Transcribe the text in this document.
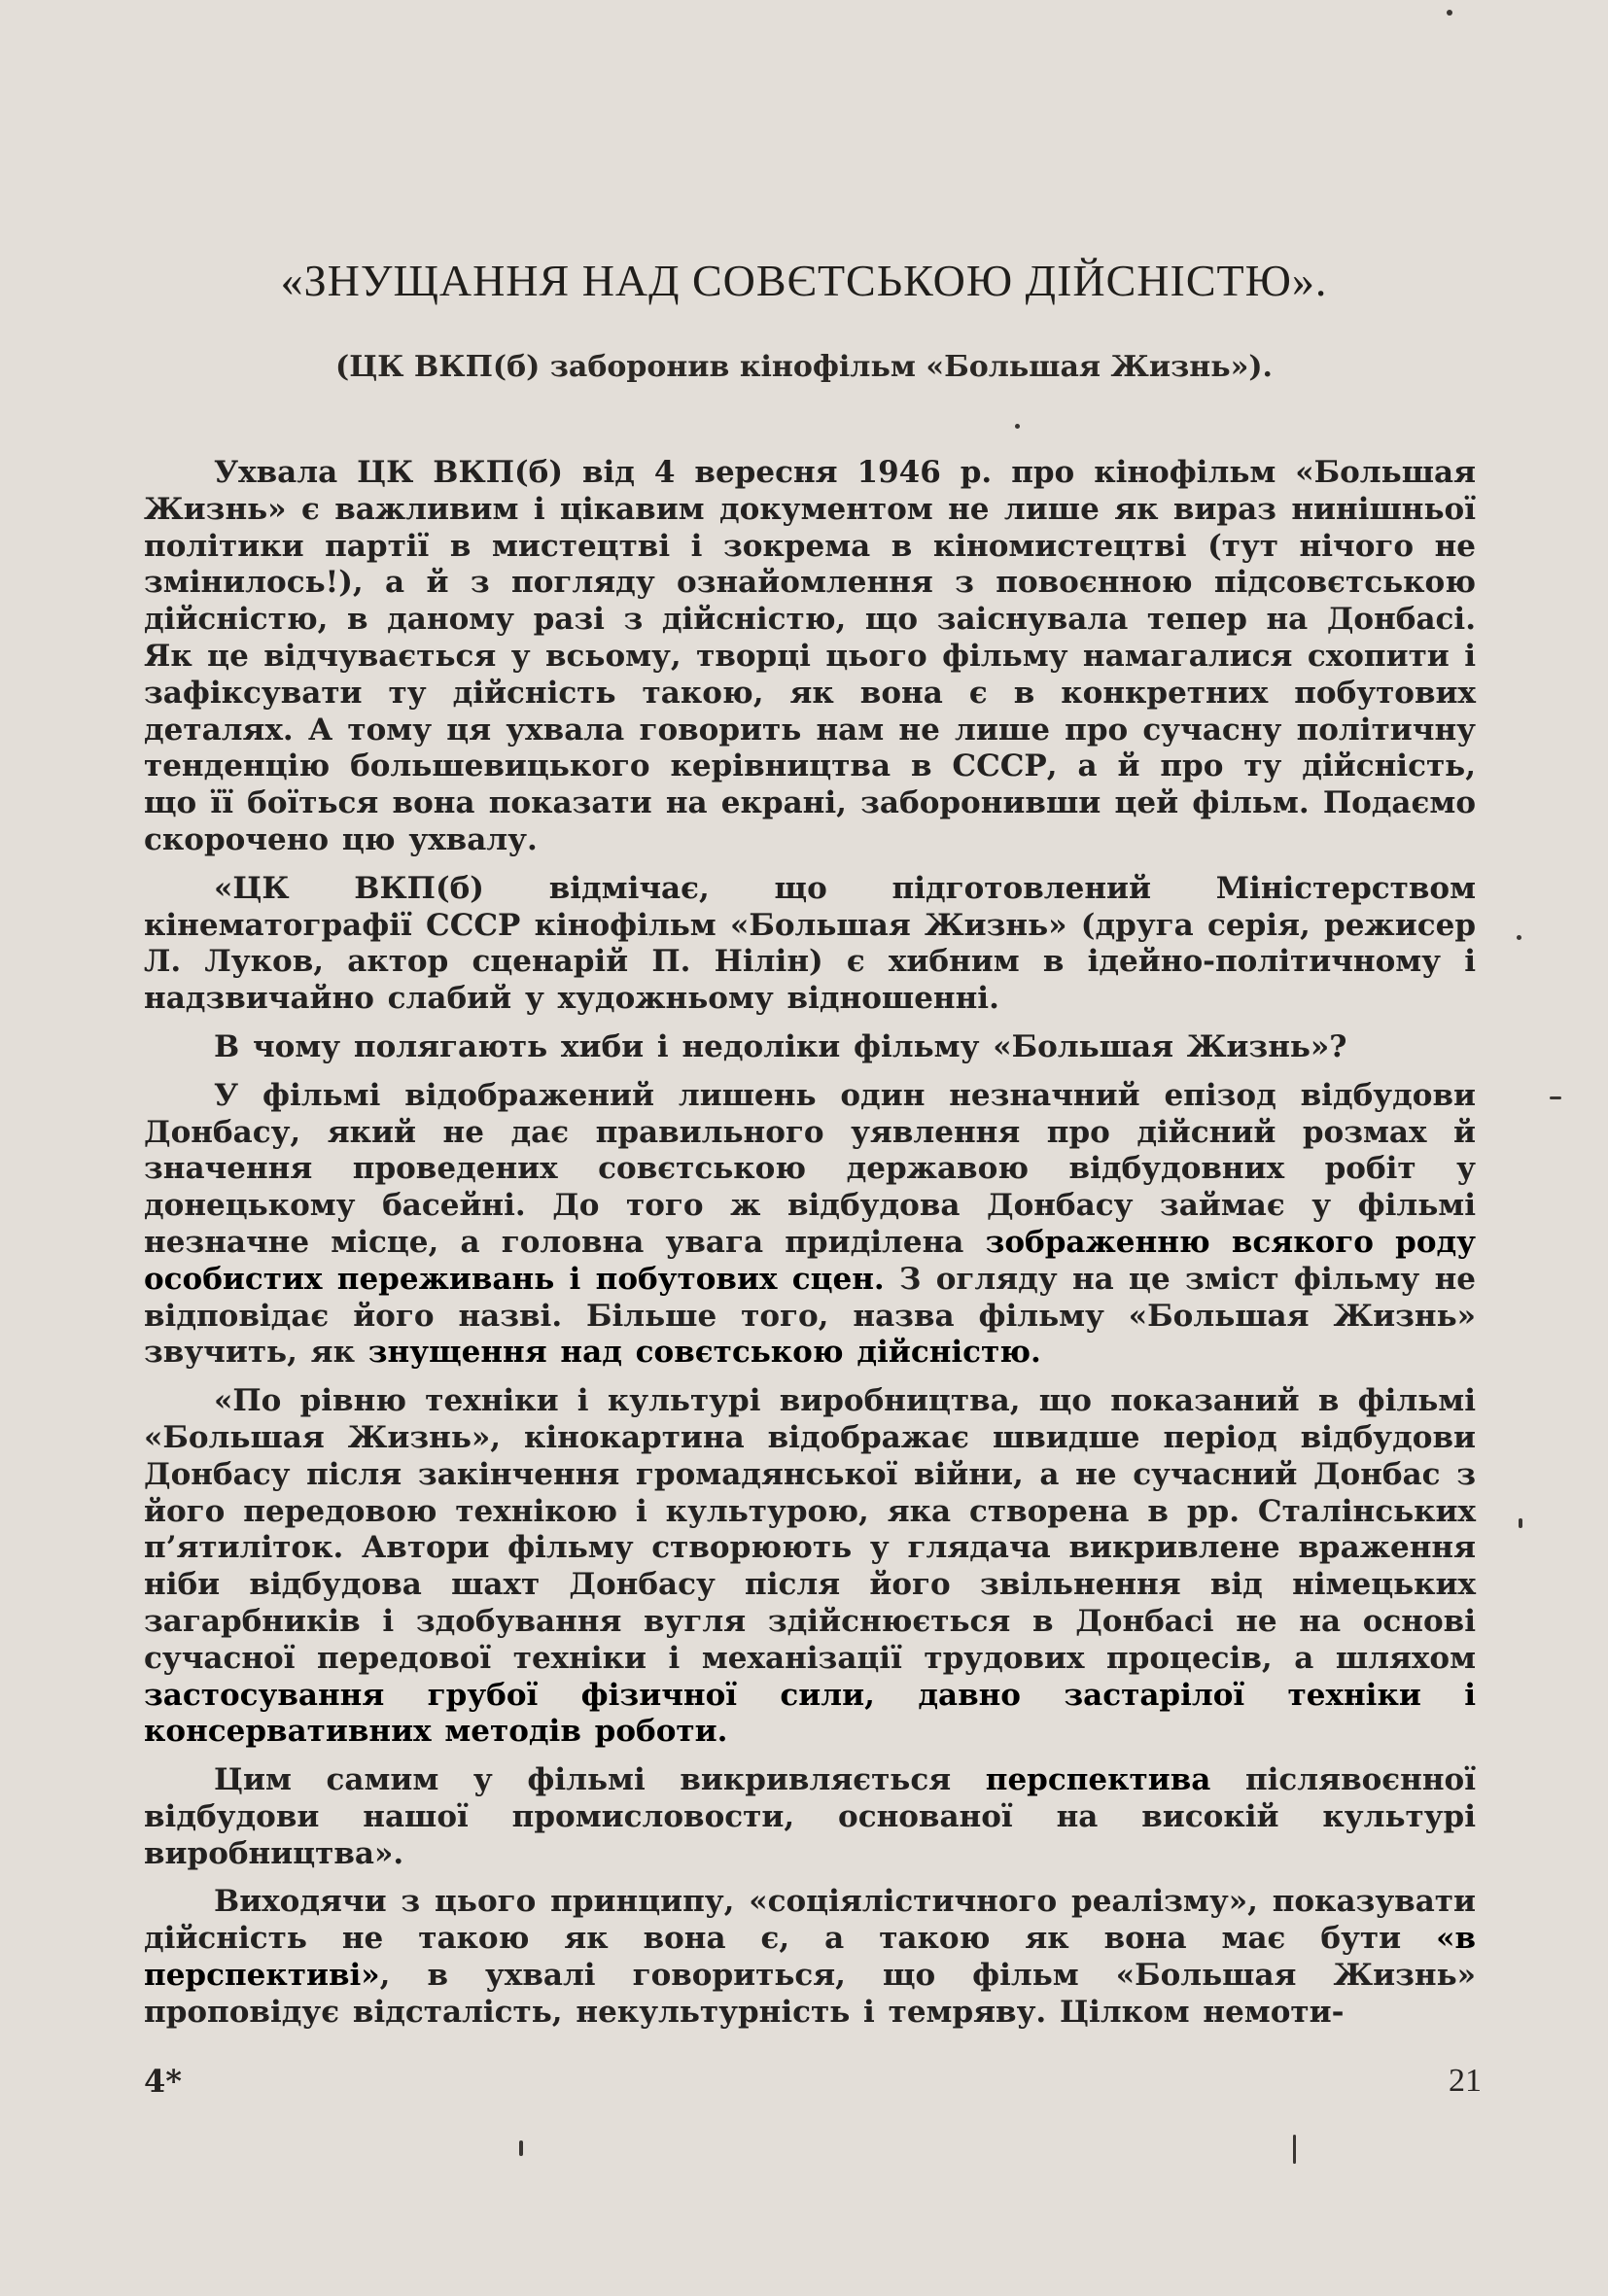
«ЗНУЩАННЯ НАД СОВЄТСЬКОЮ ДІЙСНІСТЮ».
(ЦК ВКП(б) заборонив кінофільм «Большая Жизнь»).

Ухвала ЦК ВКП(б) від 4 вересня 1946 р. про кінофільм «Большая Жизнь» є важливим і цікавим документом не лише як вираз нинішньої політики партії в мистецтві і зокрема в кіномистецтві (тут нічого не змінилось!), а й з погляду ознайомлення з повоєнною підсовєтською дійсністю, в даному разі з дійсністю, що заіснувала тепер на Донбасі. Як це відчувається у всьому, творці цього фільму намагалися схопити і зафіксувати ту дійсність такою, як вона є в конкретних побутових деталях. А тому ця ухвала говорить нам не лише про сучасну політичну тенденцію большевицького керівництва в СССР, а й про ту дійсність, що її боїться вона показати на екрані, заборонивши цей фільм. Подаємо скорочено цю ухвалу.

«ЦК ВКП(б) відмічає, що підготовлений Міністерством кінематографії СССР кінофільм «Большая Жизнь» (друга серія, режисер Л. Луков, актор сценарій П. Нілін) є хибним в ідейно-політичному і надзвичайно слабий у художньому відношенні.

В чому полягають хиби і недоліки фільму «Большая Жизнь»?

У фільмі відображений лишень один незначний епізод відбудови Донбасу, який не дає правильного уявлення про дійсний розмах й значення проведених совєтською державою відбудовних робіт у донецькому басейні. До того ж відбудова Донбасу займає у фільмі незначне місце, а головна увага приділена зображенню всякого роду особистих переживань і побутових сцен. З огляду на це зміст фільму не відповідає його назві. Більше того, назва фільму «Большая Жизнь» звучить, як знущення над совєтською дійсністю.

«По рівню техніки і культурі виробництва, що показаний в фільмі «Большая Жизнь», кінокартина відображає швидше період відбудови Донбасу після закінчення громадянської війни, а не сучасний Донбас з його передовою технікою і культурою, яка створена в рр. Сталінських п’ятиліток. Автори фільму створюють у глядача викривлене враження ніби відбудова шахт Донбасу після його звільнення від німецьких загарбників і здобування вугля здійснюється в Донбасі не на основі сучасної передової техніки і механізації трудових процесів, а шляхом застосування грубої фізичної сили, давно застарілої техніки і консервативних методів роботи.

Цим самим у фільмі викривляється перспектива післявоєнної відбудови нашої промисловости, основаної на високій культурі виробництва».

Виходячи з цього принципу, «соціялістичного реалізму», показувати дійсність не такою як вона є, а такою як вона має бути «в перспективі», в ухвалі говориться, що фільм «Большая Жизнь» проповідує відсталість, некультурність і темряву. Цілком немоти-

4*	21
